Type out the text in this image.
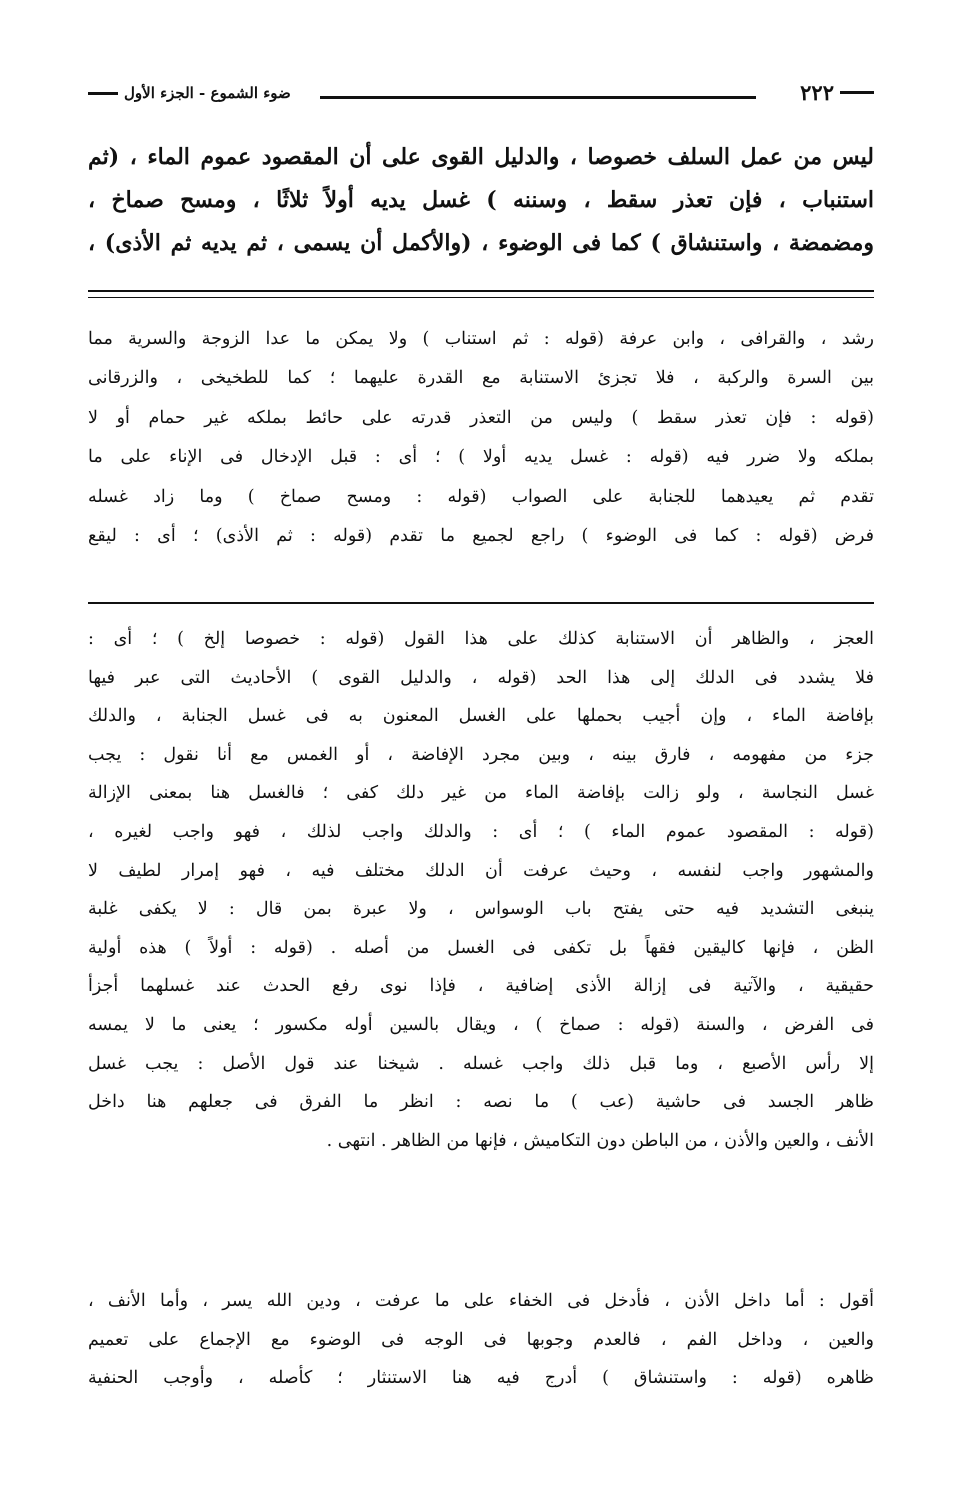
ضوء الشموع - الجزء الأول	٢٢٢
ليس من عمل السلف خصوصا ، والدليل القوى على أن المقصود عموم الماء ، (ثم
استنباب ، فإن تعذر سقط ، وسننه ) غسل يديه أولاً ثلاثًا ، ومسح صماخ ،
ومضمضة ، واستنشاق ) كما فى الوضوء ، (والأكمل أن يسمى ، ثم يديه ثم الأذى) ،
رشد ، والقرافى ، وابن عرفة (قوله : ثم استناب ) ولا يمكن ما عدا الزوجة والسرية مما
بين السرة والركبة ، فلا تجزئ الاستنابة مع القدرة عليهما ؛ كما للطخيخى ، والزرقانى
(قوله : فإن تعذر سقط ) وليس من التعذر قدرته على حائط بملكه غير حمام أو لا
بملكه ولا ضرر فيه (قوله : غسل يديه أولا ) ؛ أى : قبل الإدخال فى الإناء على ما
تقدم ثم يعيدهما للجنابة على الصواب (قوله : ومسح صماخ ) وما زاد غسله
فرض (قوله : كما فى الوضوء ) راجع لجميع ما تقدم (قوله : ثم الأذى) ؛ أى : ليقع
العجز ، والظاهر أن الاستنابة كذلك على هذا القول (قوله : خصوصا إلخ ) ؛ أى :
فلا يشدد فى الدلك إلى هذا الحد (قوله ، والدليل القوى ) الأحاديث التى عبر فيها
بإفاضة الماء ، وإن أجيب بحملها على الغسل المعنون به فى غسل الجنابة ، والدلك
جزء من مفهومه ، فارق بينه ، وبين مجرد الإفاضة ، أو الغمس مع أنا نقول : يجب
غسل النجاسة ، ولو زالت بإفاضة الماء من غير دلك كفى ؛ فالغسل هنا بمعنى الإزالة
(قوله : المقصود عموم الماء ) ؛ أى : والدلك واجب لذلك ، فهو واجب لغيره ،
والمشهور واجب لنفسه ، وحيث عرفت أن الدلك مختلف فيه ، فهو إمرار لطيف لا
ينبغى التشديد فيه حتى يفتح باب الوسواس ، ولا عبرة بمن قال : لا يكفى غلبة
الظن ، فإنها كاليقين فقهاً بل تكفى فى الغسل من أصله . (قوله : أولاً ) هذه أولية
حقيقية ، والآتية فى إزالة الأذى إضافية ، فإذا نوى رفع الحدث عند غسلهما أجزأ
فى الفرض ، والسنة (قوله : صماخ ) ، ويقال بالسين أوله مكسور ؛ يعنى ما لا يمسه
إلا رأس الأصبع ، وما قبل ذلك واجب غسله . شيخنا عند قول الأصل : يجب غسل
ظاهر الجسد فى حاشية (عب ) ما نصه : انظر ما الفرق فى جعلهم هنا داخل
الأنف ، والعين والأذن ، من الباطن دون التكاميش ، فإنها من الظاهر . انتهى .
أقول : أما داخل الأذن ، فأدخل فى الخفاء على ما عرفت ، ودين الله يسر ، وأما الأنف ،
والعين ، وداخل الفم ، فالعدم وجوبها فى الوجه فى الوضوء مع الإجماع على تعميم
ظاهره (قوله : واستنشاق ) أدرج فيه هنا الاستنثار ؛ كأصله ، وأوجب الحنفية
